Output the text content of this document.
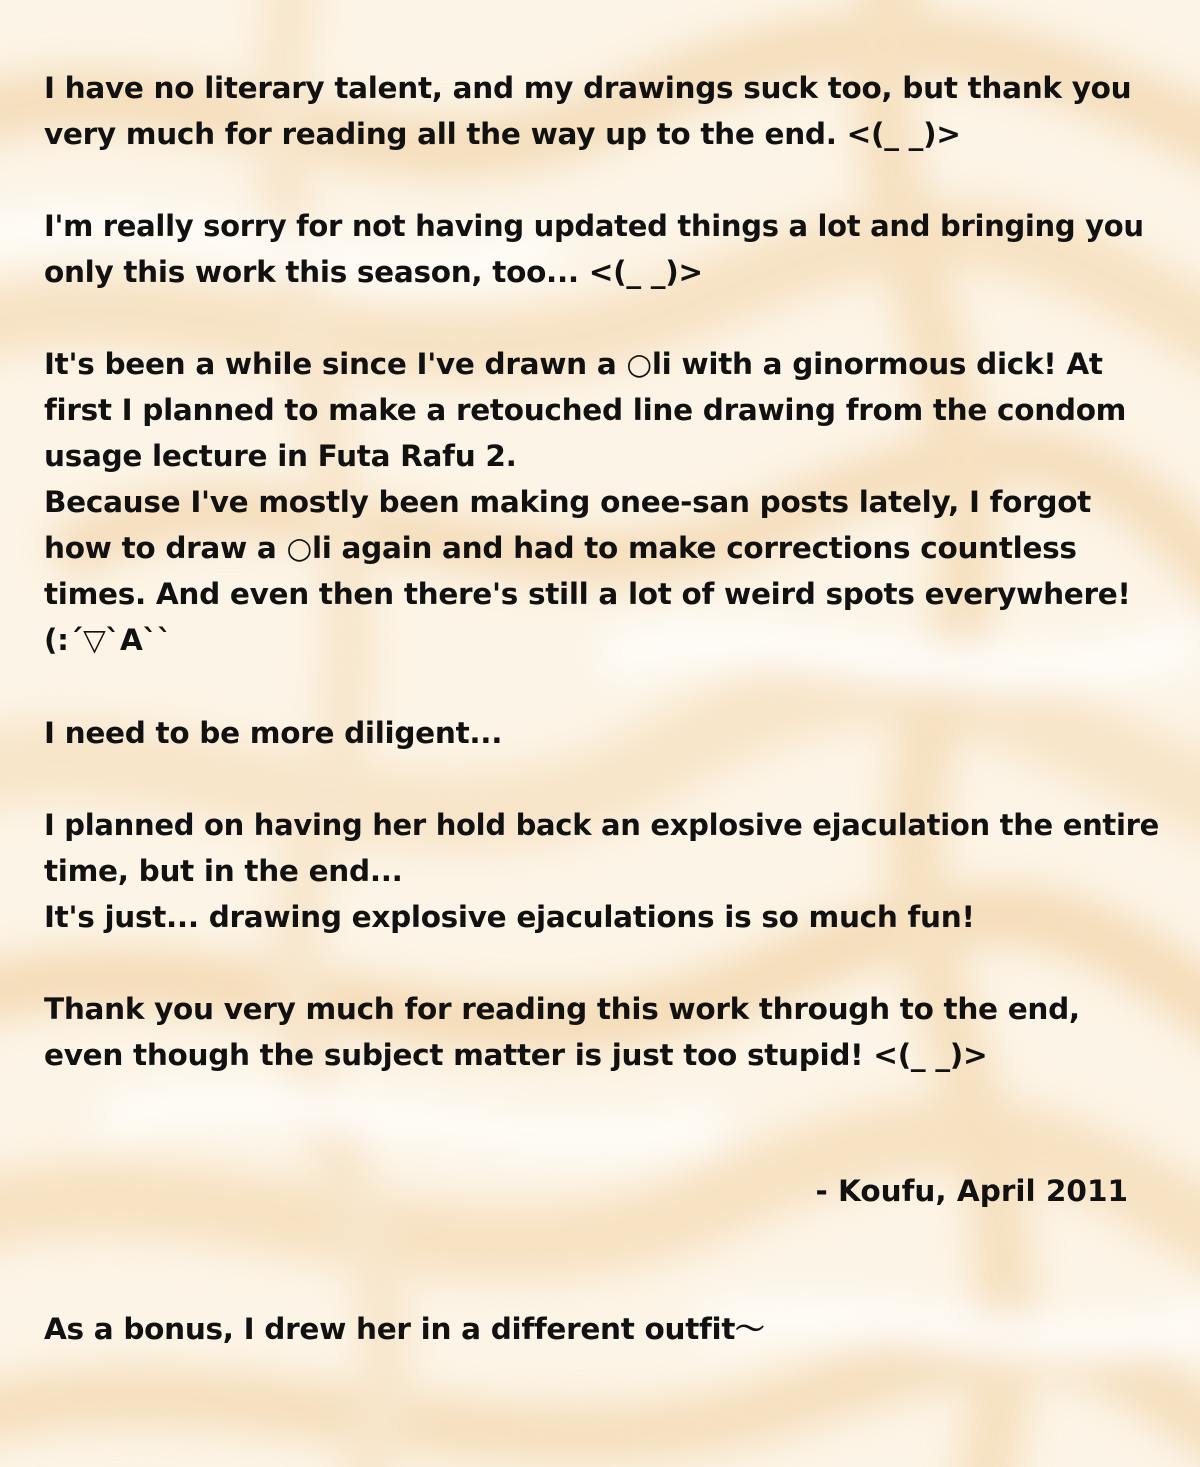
I have no literary talent, and my drawings suck too, but thank you

very much for reading all the way up to the end. <(_ _)>

I'm really sorry for not having updated things a lot and bringing you

only this work this season, too... <(_ _)>

It's been a while since I've drawn a ○li with a ginormous dick! At

first I planned to make a retouched line drawing from the condom

usage lecture in Futa Rafu 2.

Because I've mostly been making onee-san posts lately, I forgot

how to draw a ○li again and had to make corrections countless

times. And even then there's still a lot of weird spots everywhere!

(:´▽`A``

I need to be more diligent...

I planned on having her hold back an explosive ejaculation the entire

time, but in the end...

It's just... drawing explosive ejaculations is so much fun!

Thank you very much for reading this work through to the end,

even though the subject matter is just too stupid! <(_ _)>

- Koufu, April 2011

As a bonus, I drew her in a different outfit〜
